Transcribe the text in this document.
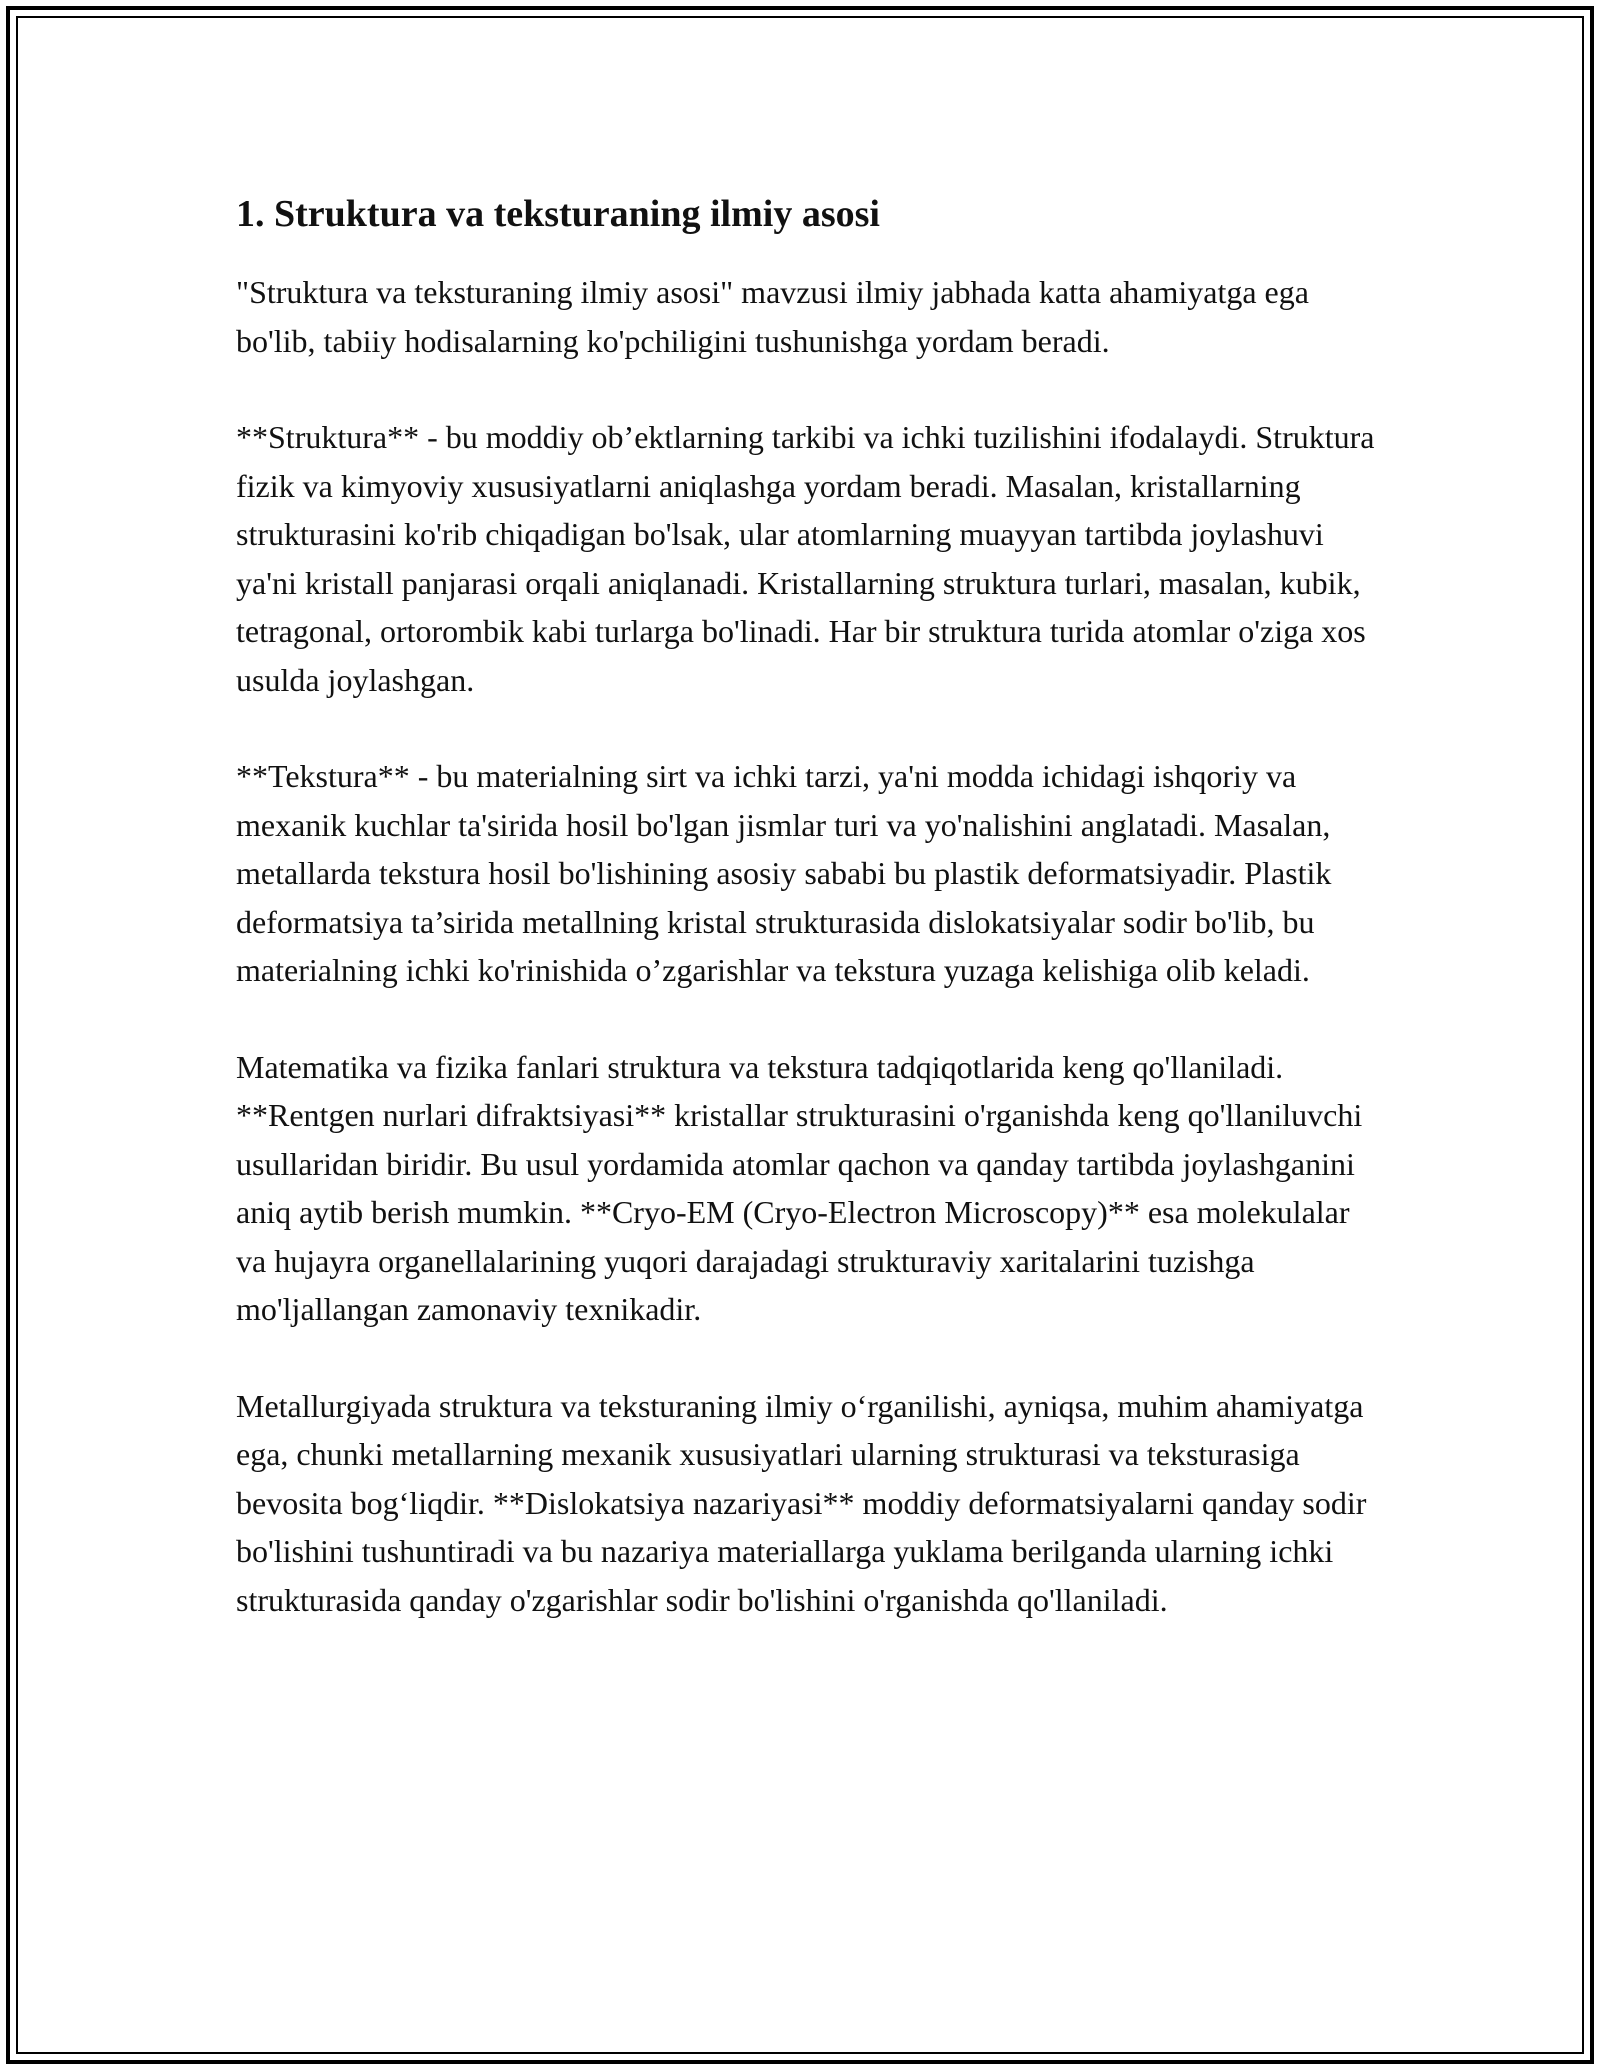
1. Struktura va teksturaning ilmiy asosi

"Struktura va teksturaning ilmiy asosi" mavzusi ilmiy jabhada katta ahamiyatga ega bo'lib, tabiiy hodisalarning ko'pchiligini tushunishga yordam beradi.

**Struktura** - bu moddiy ob’ektlarning tarkibi va ichki tuzilishini ifodalaydi. Struktura fizik va kimyoviy xususiyatlarni aniqlashga yordam beradi. Masalan, kristallarning strukturasini ko'rib chiqadigan bo'lsak, ular atomlarning muayyan tartibda joylashuvi ya'ni kristall panjarasi orqali aniqlanadi. Kristallarning struktura turlari, masalan, kubik, tetragonal, ortorombik kabi turlarga bo'linadi. Har bir struktura turida atomlar o'ziga xos usulda joylashgan.

**Tekstura** - bu materialning sirt va ichki tarzi, ya'ni modda ichidagi ishqoriy va mexanik kuchlar ta'sirida hosil bo'lgan jismlar turi va yo'nalishini anglatadi. Masalan, metallarda tekstura hosil bo'lishining asosiy sababi bu plastik deformatsiyadir. Plastik deformatsiya ta’sirida metallning kristal strukturasida dislokatsiyalar sodir bo'lib, bu materialning ichki ko'rinishida o’zgarishlar va tekstura yuzaga kelishiga olib keladi.

Matematika va fizika fanlari struktura va tekstura tadqiqotlarida keng qo'llaniladi. **Rentgen nurlari difraktsiyasi** kristallar strukturasini o'rganishda keng qo'llaniluvchi usullaridan biridir. Bu usul yordamida atomlar qachon va qanday tartibda joylashganini aniq aytib berish mumkin. **Cryo-EM (Cryo-Electron Microscopy)** esa molekulalar va hujayra organellalarining yuqori darajadagi strukturaviy xaritalarini tuzishga mo'ljallangan zamonaviy texnikadir.

Metallurgiyada struktura va teksturaning ilmiy o‘rganilishi, ayniqsa, muhim ahamiyatga ega, chunki metallarning mexanik xususiyatlari ularning strukturasi va teksturasiga bevosita bog‘liqdir. **Dislokatsiya nazariyasi** moddiy deformatsiyalarni qanday sodir bo'lishini tushuntiradi va bu nazariya materiallarga yuklama berilganda ularning ichki strukturasida qanday o'zgarishlar sodir bo'lishini o'rganishda qo'llaniladi.
